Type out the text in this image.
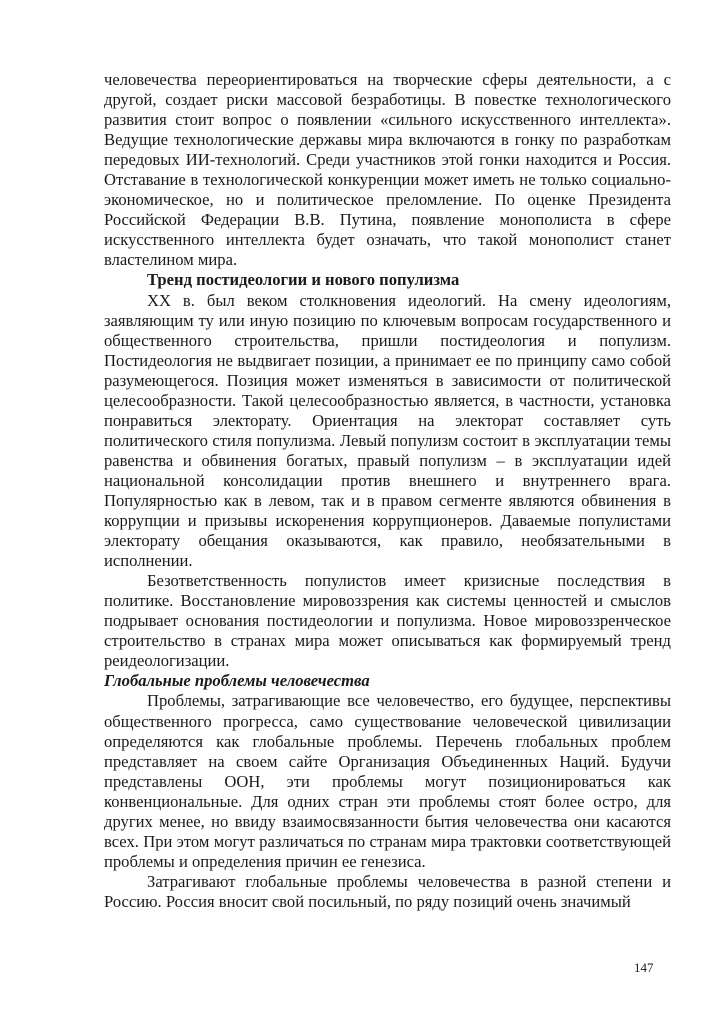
человечества переориентироваться на творческие сферы деятельности, а с другой, создает риски массовой безработицы. В повестке технологического развития стоит вопрос о появлении «сильного искусственного интеллекта». Ведущие технологические державы мира включаются в гонку по разработкам передовых ИИ-технологий. Среди участников этой гонки находится и Россия. Отставание в технологической конкуренции может иметь не только социально-экономическое, но и политическое преломление. По оценке Президента Российской Федерации В.В. Путина, появление монополиста в сфере искусственного интеллекта будет означать, что такой монополист станет властелином мира.

Тренд постидеологии и нового популизма

XX в. был веком столкновения идеологий. На смену идеологиям, заявляющим ту или иную позицию по ключевым вопросам государственного и общественного строительства, пришли постидеология и популизм. Постидеология не выдвигает позиции, а принимает ее по принципу само собой разумеющегося. Позиция может изменяться в зависимости от политической целесообразности. Такой целесообразностью является, в частности, установка понравиться электорату. Ориентация на электорат составляет суть политического стиля популизма. Левый популизм состоит в эксплуатации темы равенства и обвинения богатых, правый популизм – в эксплуатации идей национальной консолидации против внешнего и внутреннего врага. Популярностью как в левом, так и в правом сегменте являются обвинения в коррупции и призывы искоренения коррупционеров. Даваемые популистами электорату обещания оказываются, как правило, необязательными в исполнении.

Безответственность популистов имеет кризисные последствия в политике. Восстановление мировоззрения как системы ценностей и смыслов подрывает основания постидеологии и популизма. Новое мировоззренческое строительство в странах мира может описываться как формируемый тренд реидеологизации.

Глобальные проблемы человечества

Проблемы, затрагивающие все человечество, его будущее, перспективы общественного прогресса, само существование человеческой цивилизации определяются как глобальные проблемы. Перечень глобальных проблем представляет на своем сайте Организация Объединенных Наций. Будучи представлены ООН, эти проблемы могут позиционироваться как конвенциональные. Для одних стран эти проблемы стоят более остро, для других менее, но ввиду взаимосвязанности бытия человечества они касаются всех. При этом могут различаться по странам мира трактовки соответствующей проблемы и определения причин ее генезиса.

Затрагивают глобальные проблемы человечества в разной степени и Россию. Россия вносит свой посильный, по ряду позиций очень значимый

147
